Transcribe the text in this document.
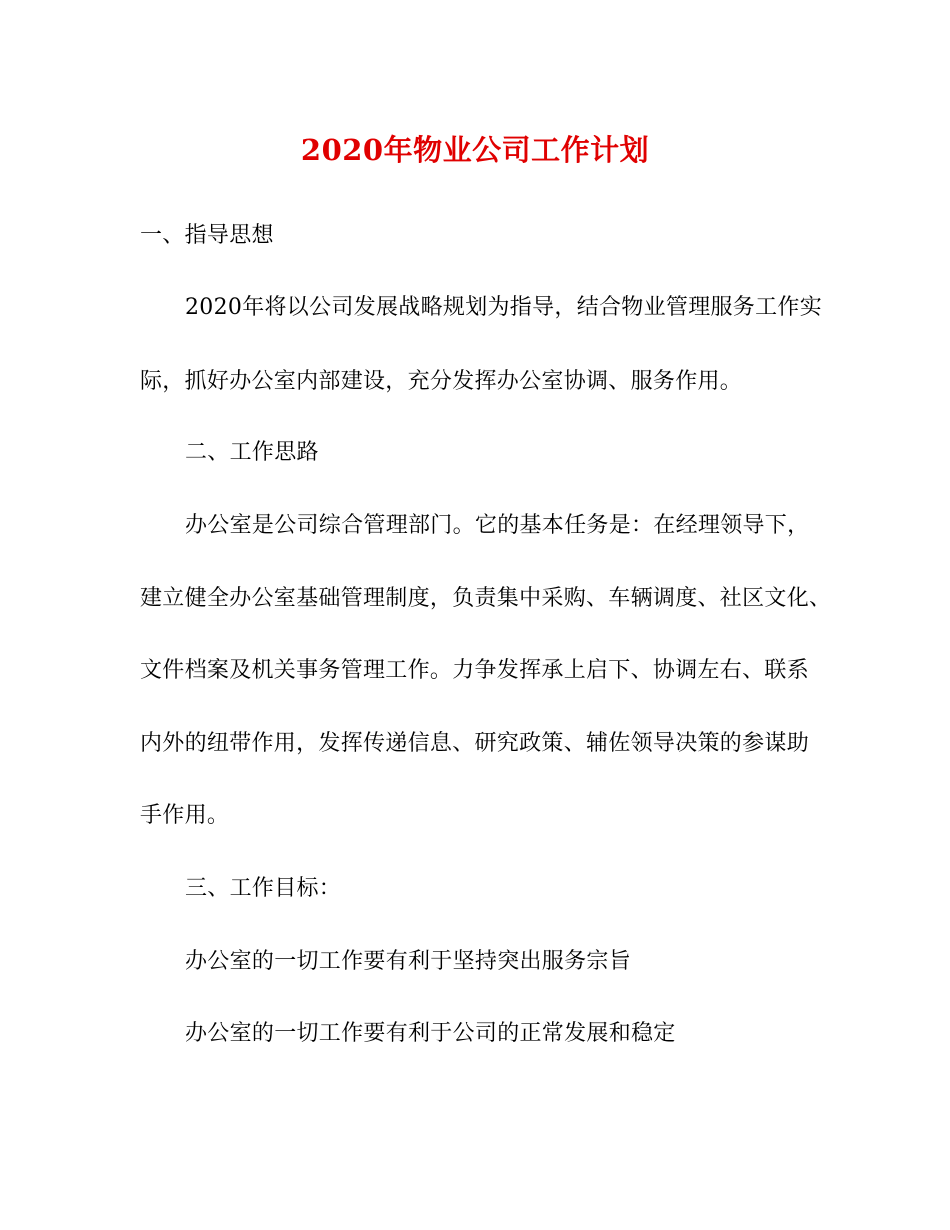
2020年物业公司工作计划
一、指导思想
2020年将以公司发展战略规划为指导，结合物业管理服务工作实
际，抓好办公室内部建设，充分发挥办公室协调、服务作用。
二、工作思路
办公室是公司综合管理部门。它的基本任务是：在经理领导下，
建立健全办公室基础管理制度，负责集中采购、车辆调度、社区文化、
文件档案及机关事务管理工作。力争发挥承上启下、协调左右、联系
内外的纽带作用，发挥传递信息、研究政策、辅佐领导决策的参谋助
手作用。
三、工作目标：
办公室的一切工作要有利于坚持突出服务宗旨
办公室的一切工作要有利于公司的正常发展和稳定
